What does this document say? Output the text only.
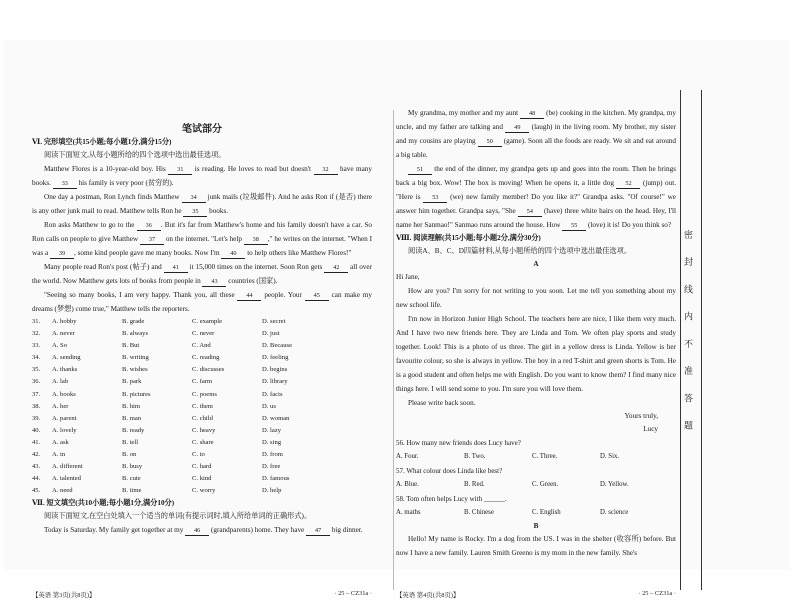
笔试部分
Ⅵ. 完形填空(共15小题;每小题1分,满分15分)

阅读下面短文,从每小题所给的四个选项中选出最佳选项。

Matthew Flores is a 10-year-old boy. His 31 is reading. He loves to read but doesn't 32 have many books. 33 his family is very poor (贫穷的).

One day a postman, Ron Lynch finds Matthew 34 junk mails (垃圾邮件). And he asks Ron if (是否) there is any other junk mail to read. Matthew tells Ron he 35 books.

Ron asks Matthew to go to the 36 . But it's far from Matthew's home and his family doesn't have a car. So Ron calls on people to give Matthew 37 on the internet. "Let's help 38 ," he writes on the internet. "When I was a 39 , some kind people gave me many books. Now I'm 40 to help others like Matthew Flores!"

Many people read Ron's post (帖子) and 41 it 15,000 times on the internet. Soon Ron gets 42 all over the world. Now Matthew gets lots of books from people in 43 countries (国家).

"Seeing so many books, I am very happy. Thank you, all these 44 people. Your 45 can make my dreams (梦想) come true," Matthew tells the reporters.

31.	A. hobby	B. grade	C. example	D. secret
32.	A. never	B. always	C. never	D. just
33.	A. So	B. But	C. And	D. Because
34.	A. sending	B. writing	C. reading	D. feeling
35.	A. thanks	B. wishes	C. discusses	D. begins
36.	A. lab	B. park	C. farm	D. library
37.	A. books	B. pictures	C. poems	D. facts
38.	A. her	B. him	C. them	D. us
39.	A. parent	B. man	C. child	D. woman
40.	A. lovely	B. ready	C. heavy	D. lazy
41.	A. ask	B. tell	C. share	D. sing
42.	A. in	B. on	C. to	D. from
43.	A. different	B. busy	C. hard	D. free
44.	A. talented	B. cute	C. kind	D. famous
45.	A. need	B. time	C. worry	D. help
Ⅶ. 短文填空(共10小题;每小题1分,满分10分)

阅读下面短文,在空白处填入一个适当的单词(有提示词时,填入所给单词的正确形式)。

Today is Saturday. My family get together at my 46 (grandparents) home. They have 47 big dinner.

【英语 第3页(共8页)】	· 25 – CZ31a ·

My grandma, my mother and my aunt 48 (be) cooking in the kitchen. My grandpa, my uncle, and my father are talking and 49 (laugh) in the living room. My brother, my sister and my cousins are playing 50 (game). Soon all the foods are ready. We sit and eat around a big table.

51 the end of the dinner, my grandpa gets up and goes into the room. Then he brings back a big box. Wow! The box is moving! When he opens it, a little dog 52 (jump) out. "Here is 53 (we) new family member! Do you like it?" Grandpa asks. "Of course!" we answer him together. Grandpa says, "She 54 (have) three white hairs on the head. Hey, I'll name her Sanmao!" Sanmao runs around the house. How 55 (love) it is! Do you think so?

Ⅷ. 阅读理解(共15小题;每小题2分,满分30分)

阅读A、B、C、D四篇材料,从每小题所给的四个选项中选出最佳选项。

A

Hi Jane,

How are you? I'm sorry for not writing to you soon. Let me tell you something about my new school life.

I'm now in Horizon Junior High School. The teachers here are nice, I like them very much. And I have two new friends here. They are Linda and Tom. We often play sports and study together. Look! This is a photo of us three. The girl in a yellow dress is Linda. Yellow is her favourite colour, so she is always in yellow. The boy in a red T-shirt and green shorts is Tom. He is a good student and often helps me with English. Do you want to know them? I find many nice things here. I will send some to you. I'm sure you will love them.

Please write back soon.

Yours truly,
Lucy

56. How many new friends does Lucy have?

A. Four.	B. Two.	C. Three.	D. Six.

57. What colour does Linda like best?

A. Blue.	B. Red.	C. Green.	D. Yellow.

58. Tom often helps Lucy with ______.

A. maths	B. Chinese	C. English	D. science
B

Hello! My name is Rocky. I'm a dog from the US. I was in the shelter (收容所) before. But now I have a new family. Lauren Smith Greeno is my mom in the new family. She's

【英语 第4页(共8页)】	· 25 – CZ31a ·
密 封 线 内 不 准 答 题
